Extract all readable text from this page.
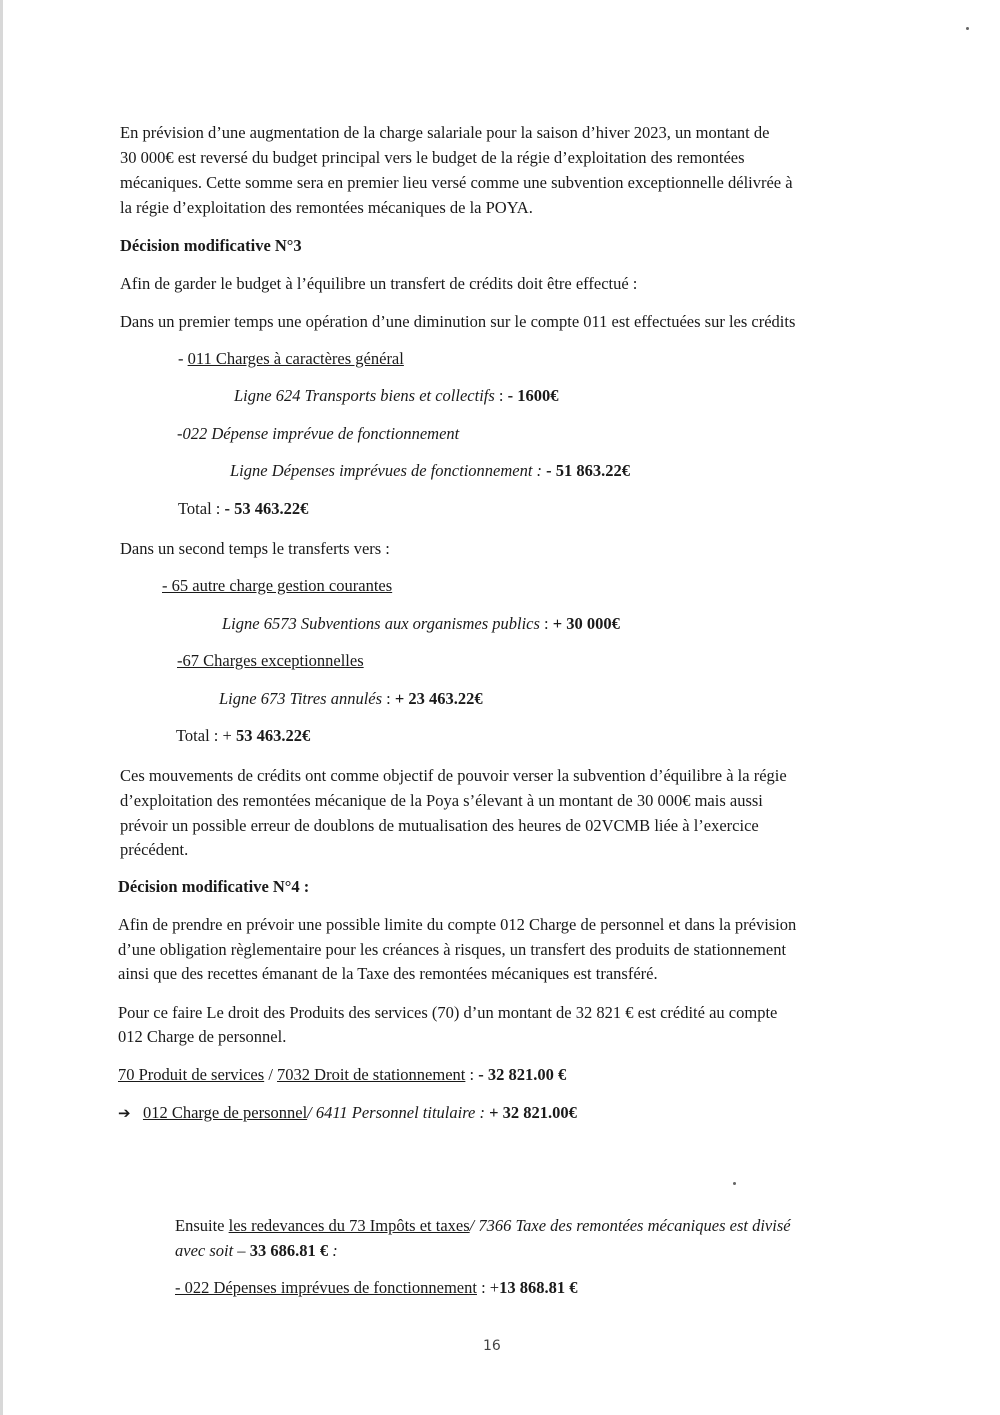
En prévision d’une augmentation de la charge salariale pour la saison d’hiver 2023, un montant de
30 000€ est reversé du budget principal vers le budget de la régie d’exploitation des remontées
mécaniques. Cette somme sera en premier lieu versé comme une subvention exceptionnelle délivrée à
la régie d’exploitation des remontées mécaniques de la POYA.
Décision modificative N°3
Afin de garder le budget à l’équilibre un transfert de crédits doit être effectué :
Dans un premier temps une opération d’une diminution sur le compte 011 est effectuées sur les crédits
- 011 Charges à caractères général
Ligne 624 Transports biens et collectifs : - 1600€
-022 Dépense imprévue de fonctionnement
Ligne Dépenses imprévues de fonctionnement : - 51 863.22€
Total : - 53 463.22€
Dans un second temps le transferts vers :
- 65 autre charge gestion courantes
Ligne 6573 Subventions aux organismes publics : + 30 000€
-67 Charges exceptionnelles
Ligne 673 Titres annulés : + 23 463.22€
Total : + 53 463.22€
Ces mouvements de crédits ont comme objectif de pouvoir verser la subvention d’équilibre à la régie
d’exploitation des remontées mécanique de la Poya s’élevant à un montant de 30 000€ mais aussi
prévoir un possible erreur de doublons de mutualisation des heures de 02VCMB liée à l’exercice
précédent.
Décision modificative N°4 :
Afin de prendre en prévoir une possible limite du compte 012 Charge de personnel et dans la prévision
d’une obligation règlementaire pour les créances à risques, un transfert des produits de stationnement
ainsi que des recettes émanant de la Taxe des remontées mécaniques est transféré.
Pour ce faire Le droit des Produits des services (70) d’un montant de 32 821 € est crédité au compte
012 Charge de personnel.
70 Produit de services / 7032 Droit de stationnement : - 32 821.00 €
➔ 012 Charge de personnel/ 6411 Personnel titulaire : + 32 821.00€
Ensuite les redevances du 73 Impôts et taxes/ 7366 Taxe des remontées mécaniques est divisé
avec soit – 33 686.81 € :
- 022 Dépenses imprévues de fonctionnement : +13 868.81 €
16
